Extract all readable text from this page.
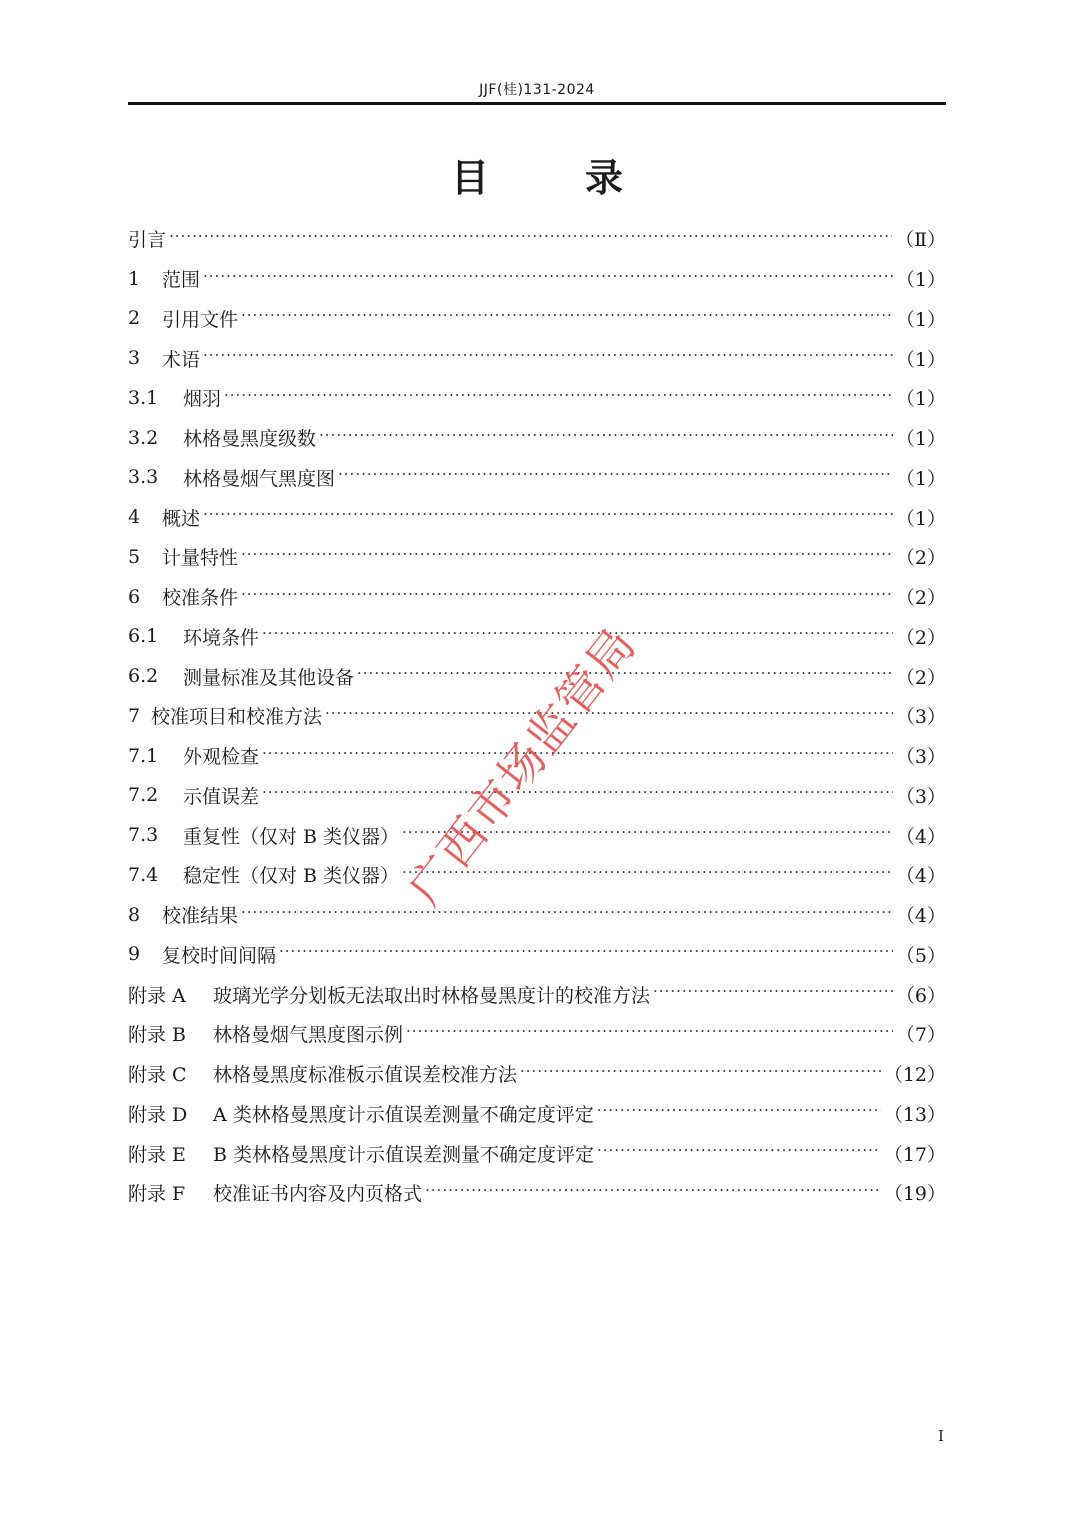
JJF(桂)131-2024
目	录
引言 ·····	（Ⅱ）
1	范围 ·····	（1）
2	引用文件 ·····	（1）
3	术语 ·····	（1）
3.1	烟羽 ·····	（1）
3.2	林格曼黑度级数 ·····	（1）
3.3	林格曼烟气黑度图 ·····	（1）
4	概述 ·····	（1）
5	计量特性 ·····	（2）
6	校准条件 ·····	（2）
6.1	环境条件 ·····	（2）
6.2	测量标准及其他设备 ·····	（2）
7 校准项目和校准方法 ·····	（3）
7.1	外观检查 ·····	（3）
7.2	示值误差 ·····	（3）
7.3	重复性（仅对 B 类仪器） ·····	（4）
7.4	稳定性（仅对 B 类仪器） ·····	（4）
8	校准结果 ·····	（4）
9	复校时间间隔 ·····	（5）
附录 A	玻璃光学分划板无法取出时林格曼黑度计的校准方法 ·····	（6）
附录 B	林格曼烟气黑度图示例 ·····	（7）
附录 C	林格曼黑度标准板示值误差校准方法 ·····	（12）
附录 D	A 类林格曼黑度计示值误差测量不确定度评定 ·····	（13）
附录 E	B 类林格曼黑度计示值误差测量不确定度评定 ·····	（17）
附录 F	校准证书内容及内页格式 ·····	（19）
广西市场监管局
I
